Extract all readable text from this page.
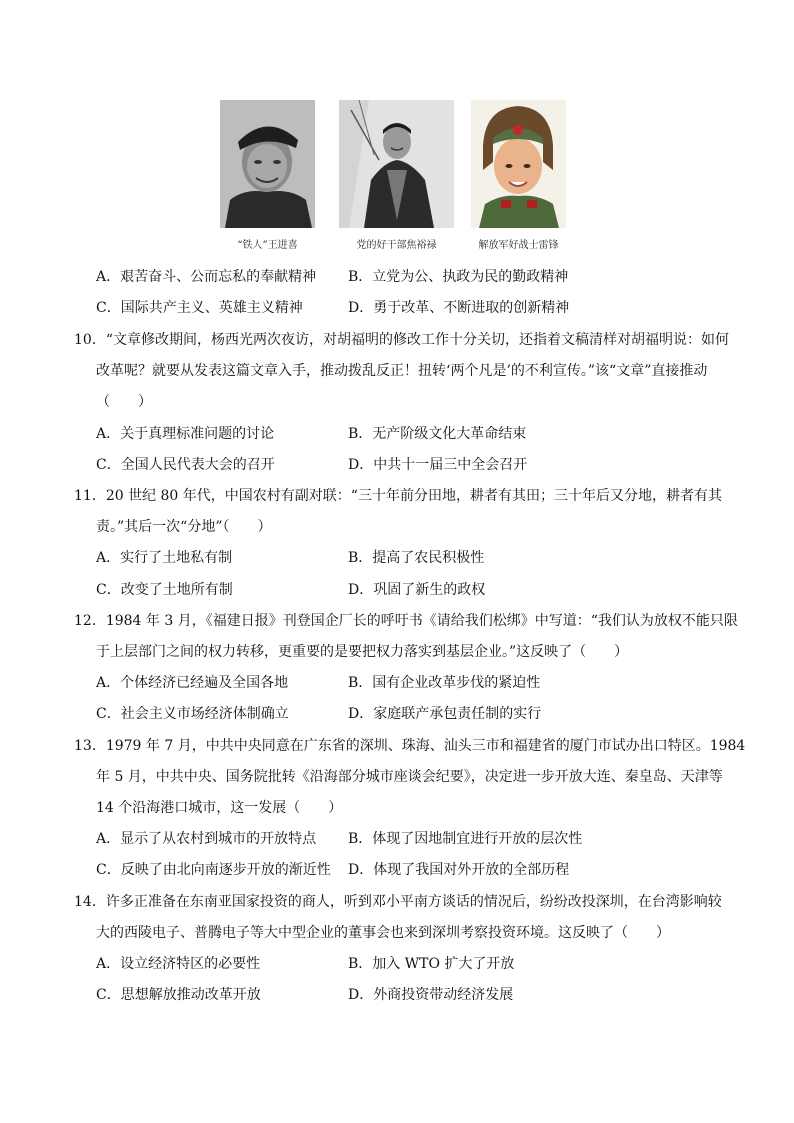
“铁人”王进喜	党的好干部焦裕禄	解放军好战士雷锋
A．艰苦奋斗、公而忘私的奉献精神 B．立党为公、执政为民的勤政精神
C．国际共产主义、英雄主义精神	D．勇于改革、不断进取的创新精神
10．“文章修改期间，杨西光两次夜访，对胡福明的修改工作十分关切，还指着文稿清样对胡福明说：如何
改革呢？就要从发表这篇文章入手，推动拨乱反正！扭转‘两个凡是’的不利宣传。”该“文章”直接推动
（　　）
A．关于真理标准问题的讨论	B．无产阶级文化大革命结束
C．全国人民代表大会的召开	D．中共十一届三中全会召开
11．20 世纪 80 年代，中国农村有副对联：“三十年前分田地，耕者有其田；三十年后又分地，耕者有其
责。”其后一次“分地”（　　）
A．实行了土地私有制	B．提高了农民积极性
C．改变了土地所有制	D．巩固了新生的政权
12．1984 年 3 月，《福建日报》刊登国企厂长的呼吁书《请给我们松绑》中写道：“我们认为放权不能只限
于上层部门之间的权力转移，更重要的是要把权力落实到基层企业。”这反映了（　　）
A．个体经济已经遍及全国各地	B．国有企业改革步伐的紧迫性
C．社会主义市场经济体制确立	D．家庭联产承包责任制的实行
13．1979 年 7 月，中共中央同意在广东省的深圳、珠海、汕头三市和福建省的厦门市试办出口特区。1984
年 5 月，中共中央、国务院批转《沿海部分城市座谈会纪要》，决定进一步开放大连、秦皇岛、天津等
14 个沿海港口城市，这一发展（　　）
A．显示了从农村到城市的开放特点 B．体现了因地制宜进行开放的层次性
C．反映了由北向南逐步开放的渐近性 D．体现了我国对外开放的全部历程
14．许多正准备在东南亚国家投资的商人，听到邓小平南方谈话的情况后，纷纷改投深圳，在台湾影响较
大的西陵电子、普腾电子等大中型企业的董事会也来到深圳考察投资环境。这反映了（　　）
A．设立经济特区的必要性	B．加入 WTO 扩大了开放
C．思想解放推动改革开放	D．外商投资带动经济发展
